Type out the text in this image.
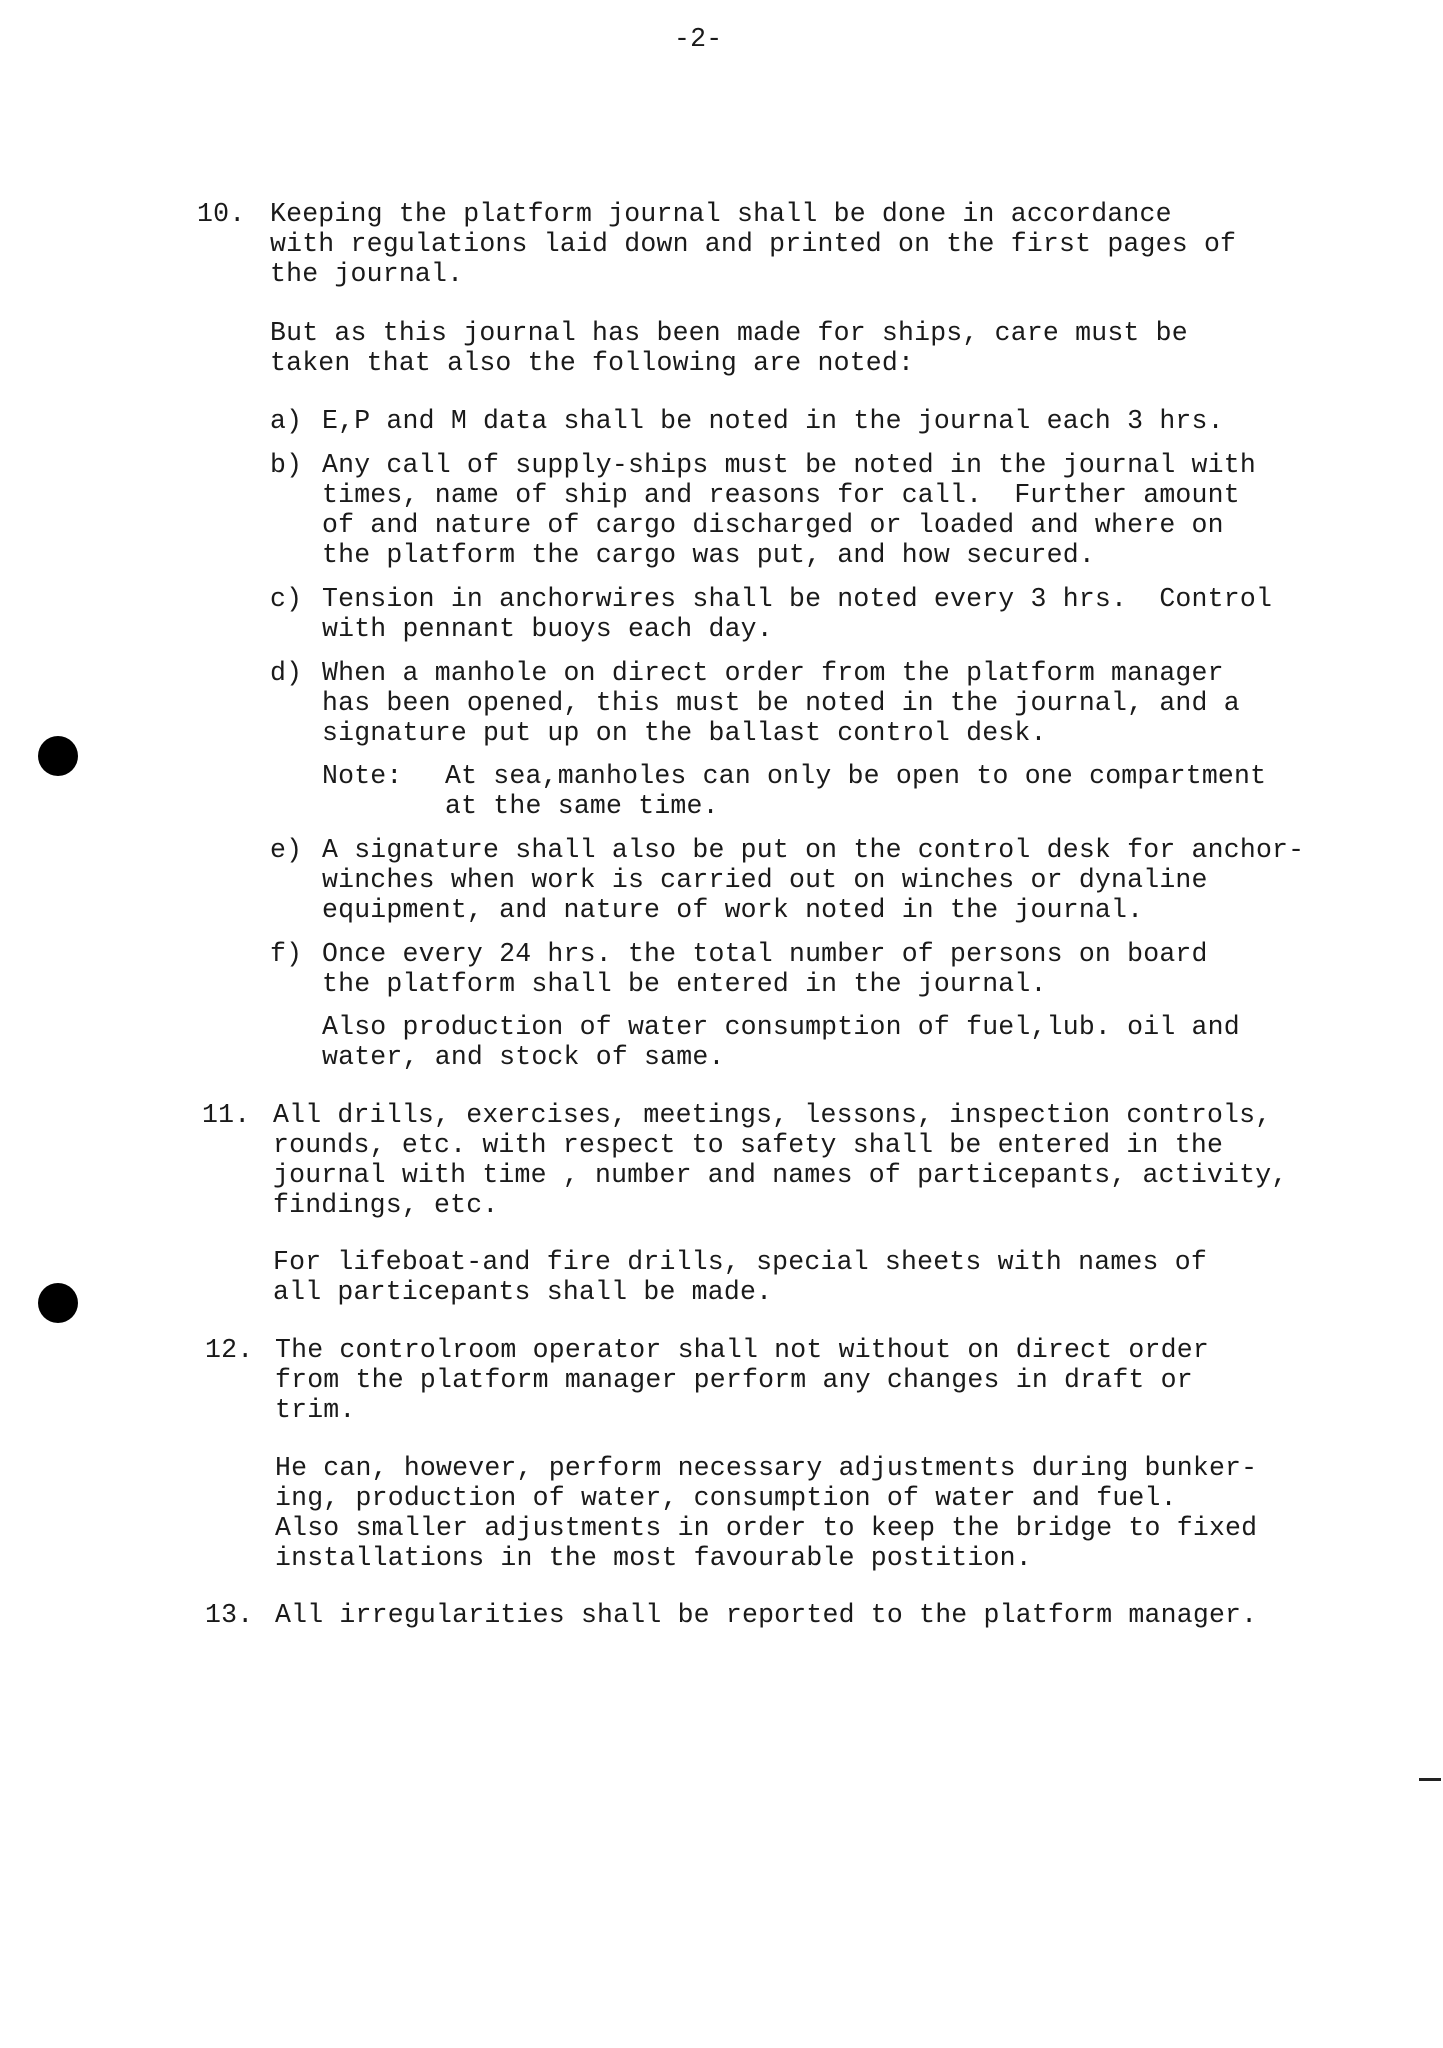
-2-
10. Keeping the platform journal shall be done in accordance
with regulations laid down and printed on the first pages of
the journal.
But as this journal has been made for ships, care must be
taken that also the following are noted:
a) E,P and M data shall be noted in the journal each 3 hrs.
b) Any call of supply-ships must be noted in the journal with
times, name of ship and reasons for call.  Further amount
of and nature of cargo discharged or loaded and where on
the platform the cargo was put, and how secured.
c) Tension in anchorwires shall be noted every 3 hrs.  Control
with pennant buoys each day.
d) When a manhole on direct order from the platform manager
has been opened, this must be noted in the journal, and a
signature put up on the ballast control desk.
Note: At sea,manholes can only be open to one compartment
at the same time.
e) A signature shall also be put on the control desk for anchor-
winches when work is carried out on winches or dynaline
equipment, and nature of work noted in the journal.
f) Once every 24 hrs. the total number of persons on board
the platform shall be entered in the journal.
Also production of water consumption of fuel,lub. oil and
water, and stock of same.
11. All drills, exercises, meetings, lessons, inspection controls,
rounds, etc. with respect to safety shall be entered in the
journal with time , number and names of particepants, activity,
findings, etc.
For lifeboat-and fire drills, special sheets with names of
all particepants shall be made.
12. The controlroom operator shall not without on direct order
from the platform manager perform any changes in draft or
trim.
He can, however, perform necessary adjustments during bunker-
ing, production of water, consumption of water and fuel.
Also smaller adjustments in order to keep the bridge to fixed
installations in the most favourable postition.
13. All irregularities shall be reported to the platform manager.
